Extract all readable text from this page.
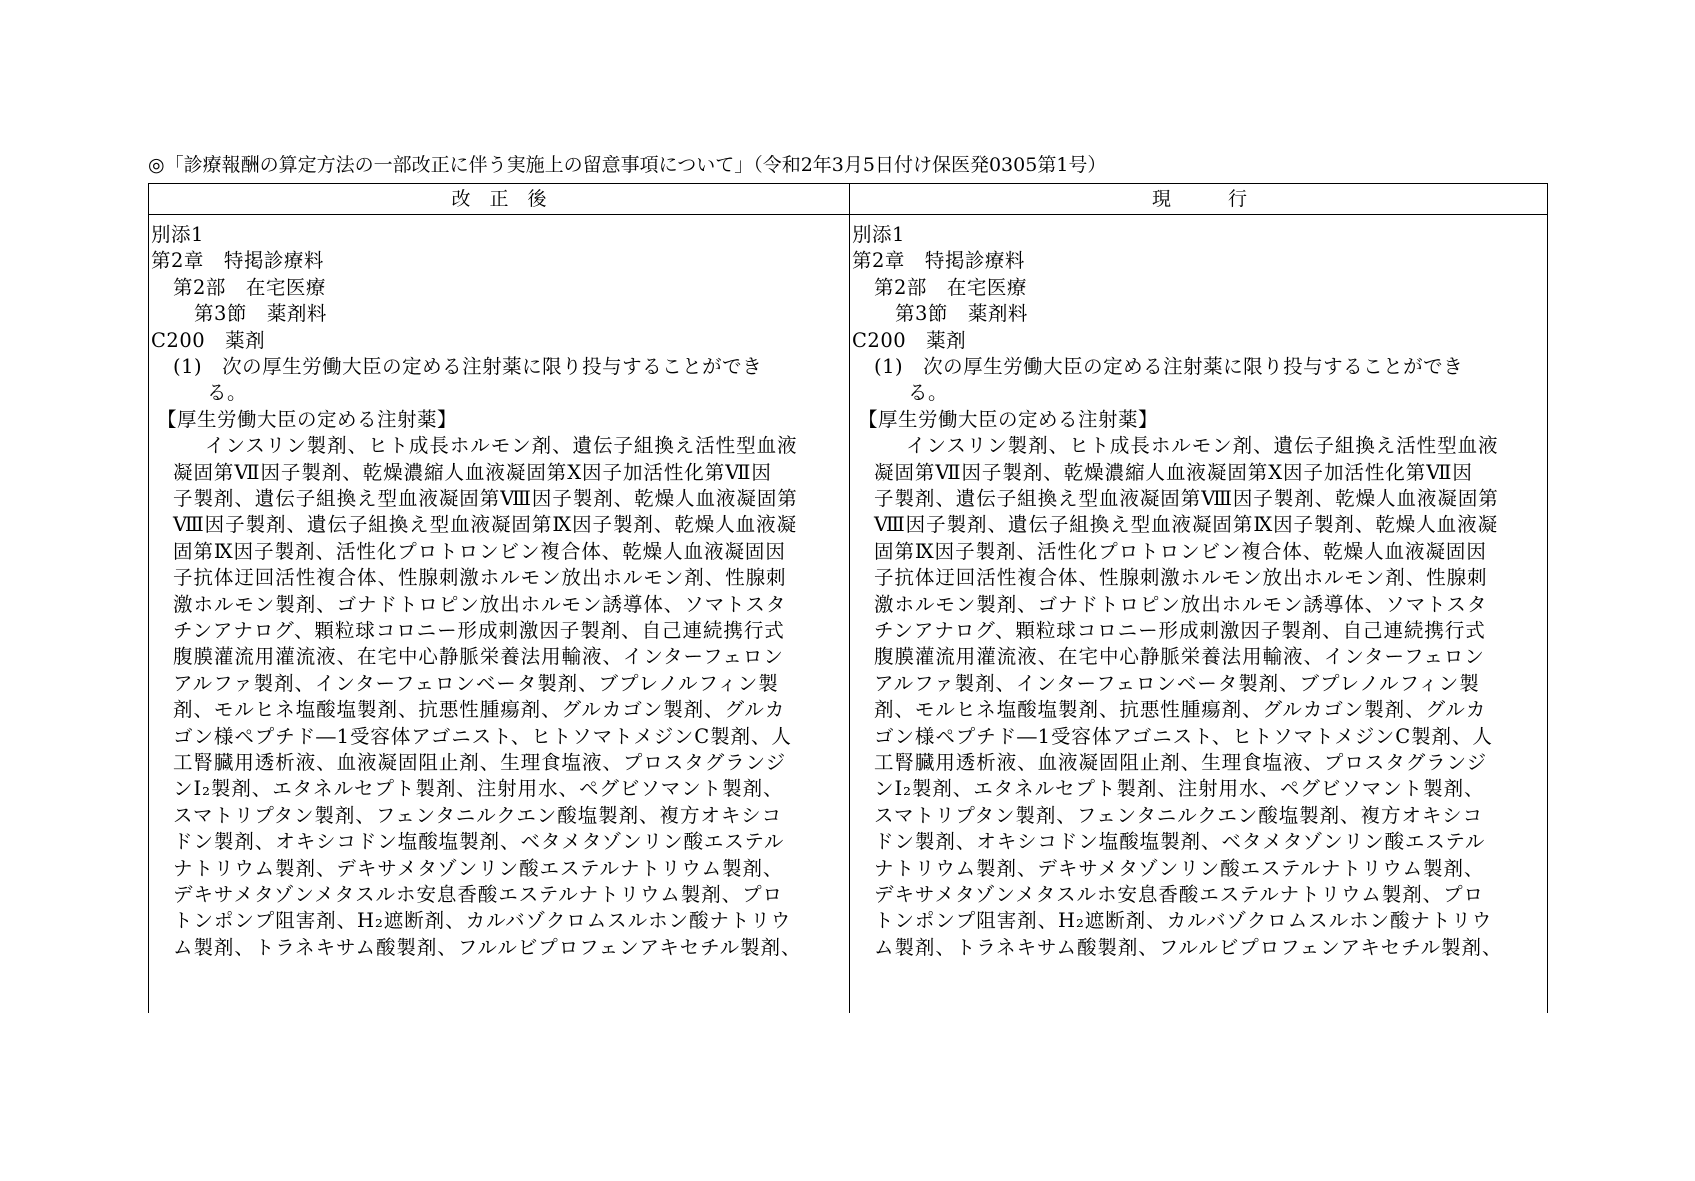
◎「診療報酬の算定方法の一部改正に伴う実施上の留意事項について」（令和2年3月5日付け保医発0305第1号）
改　正　後	現　　　行
別添1
第2章　特掲診療料
第2部　在宅医療
第3節　薬剤料
C200　薬剤
(1)　次の厚生労働大臣の定める注射薬に限り投与することができ
る。
【厚生労働大臣の定める注射薬】
インスリン製剤、ヒト成長ホルモン剤、遺伝子組換え活性型血液
凝固第Ⅶ因子製剤、乾燥濃縮人血液凝固第Ⅹ因子加活性化第Ⅶ因
子製剤、遺伝子組換え型血液凝固第Ⅷ因子製剤、乾燥人血液凝固第
Ⅷ因子製剤、遺伝子組換え型血液凝固第Ⅸ因子製剤、乾燥人血液凝
固第Ⅸ因子製剤、活性化プロトロンビン複合体、乾燥人血液凝固因
子抗体迂回活性複合体、性腺刺激ホルモン放出ホルモン剤、性腺刺
激ホルモン製剤、ゴナドトロピン放出ホルモン誘導体、ソマトスタ
チンアナログ、顆粒球コロニー形成刺激因子製剤、自己連続携行式
腹膜灌流用灌流液、在宅中心静脈栄養法用輸液、インターフェロン
アルファ製剤、インターフェロンベータ製剤、ブプレノルフィン製
剤、モルヒネ塩酸塩製剤、抗悪性腫瘍剤、グルカゴン製剤、グルカ
ゴン様ペプチド―1受容体アゴニスト、ヒトソマトメジンC製剤、人
工腎臓用透析液、血液凝固阻止剤、生理食塩液、プロスタグランジ
ンI₂製剤、エタネルセプト製剤、注射用水、ペグビソマント製剤、
スマトリプタン製剤、フェンタニルクエン酸塩製剤、複方オキシコ
ドン製剤、オキシコドン塩酸塩製剤、ベタメタゾンリン酸エステル
ナトリウム製剤、デキサメタゾンリン酸エステルナトリウム製剤、
デキサメタゾンメタスルホ安息香酸エステルナトリウム製剤、プロ
トンポンプ阻害剤、H₂遮断剤、カルバゾクロムスルホン酸ナトリウ
ム製剤、トラネキサム酸製剤、フルルビプロフェンアキセチル製剤、
別添1
第2章　特掲診療料
第2部　在宅医療
第3節　薬剤料
C200　薬剤
(1)　次の厚生労働大臣の定める注射薬に限り投与することができ
る。
【厚生労働大臣の定める注射薬】
インスリン製剤、ヒト成長ホルモン剤、遺伝子組換え活性型血液
凝固第Ⅶ因子製剤、乾燥濃縮人血液凝固第Ⅹ因子加活性化第Ⅶ因
子製剤、遺伝子組換え型血液凝固第Ⅷ因子製剤、乾燥人血液凝固第
Ⅷ因子製剤、遺伝子組換え型血液凝固第Ⅸ因子製剤、乾燥人血液凝
固第Ⅸ因子製剤、活性化プロトロンビン複合体、乾燥人血液凝固因
子抗体迂回活性複合体、性腺刺激ホルモン放出ホルモン剤、性腺刺
激ホルモン製剤、ゴナドトロピン放出ホルモン誘導体、ソマトスタ
チンアナログ、顆粒球コロニー形成刺激因子製剤、自己連続携行式
腹膜灌流用灌流液、在宅中心静脈栄養法用輸液、インターフェロン
アルファ製剤、インターフェロンベータ製剤、ブプレノルフィン製
剤、モルヒネ塩酸塩製剤、抗悪性腫瘍剤、グルカゴン製剤、グルカ
ゴン様ペプチド―1受容体アゴニスト、ヒトソマトメジンC製剤、人
工腎臓用透析液、血液凝固阻止剤、生理食塩液、プロスタグランジ
ンI₂製剤、エタネルセプト製剤、注射用水、ペグビソマント製剤、
スマトリプタン製剤、フェンタニルクエン酸塩製剤、複方オキシコ
ドン製剤、オキシコドン塩酸塩製剤、ベタメタゾンリン酸エステル
ナトリウム製剤、デキサメタゾンリン酸エステルナトリウム製剤、
デキサメタゾンメタスルホ安息香酸エステルナトリウム製剤、プロ
トンポンプ阻害剤、H₂遮断剤、カルバゾクロムスルホン酸ナトリウ
ム製剤、トラネキサム酸製剤、フルルビプロフェンアキセチル製剤、
